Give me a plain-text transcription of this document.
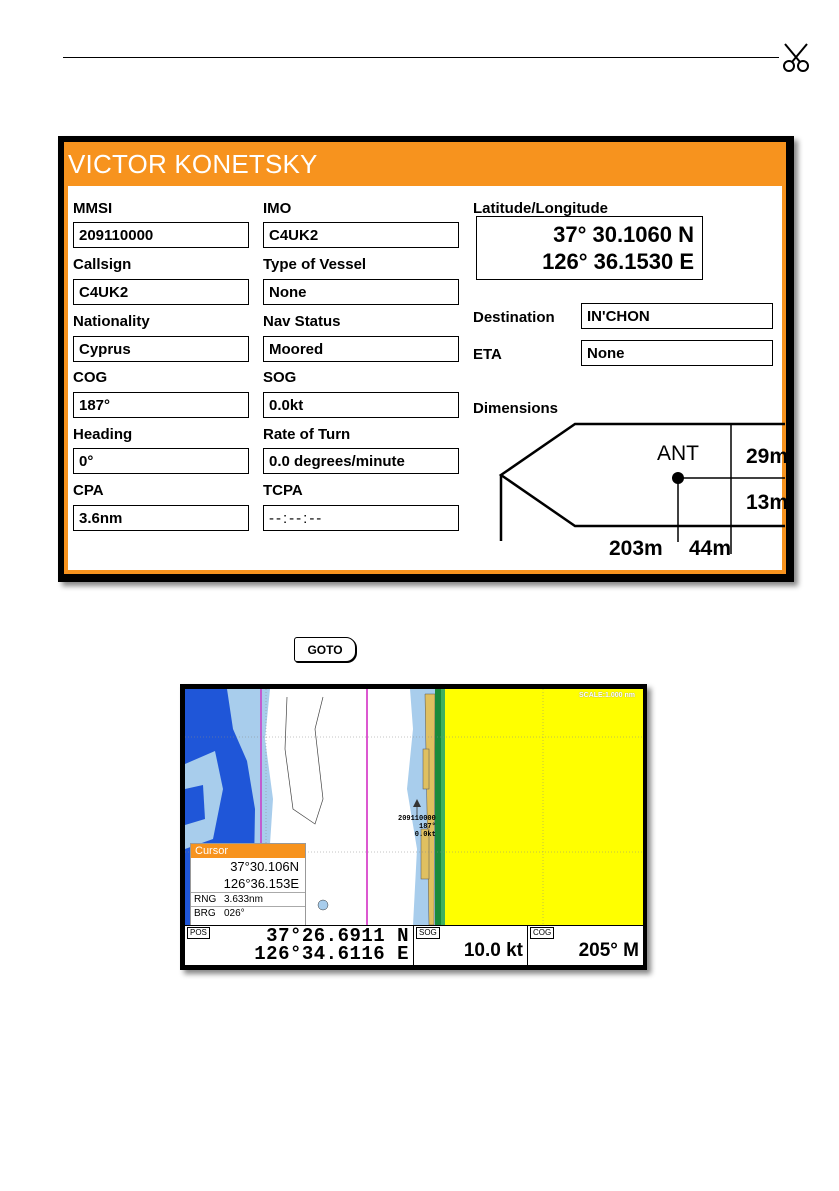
VICTOR KONETSKY
MMSI
209110000
IMO
C4UK2
Callsign
C4UK2
Type of Vessel
None
Nationality
Cyprus
Nav Status
Moored
COG
187°
SOG
0.0kt
Heading
0°
Rate of Turn
0.0 degrees/minute
CPA
3.6nm
TCPA
--:--:--
Latitude/Longitude
37° 30.1060 N
126° 36.1530 E
Destination	IN'CHON
ETA	None
Dimensions
ANT 29m
13m
203m 44m
GOTO
SCALE:1.000 nm
209110000
187°
0.0kt
Cursor
37°30.106N
126°36.153E
RNG 3.633nm
BRG 026°
POS	37°26.6911 N
126°34.6116 E
SOG
10.0 kt
COG
205° M
